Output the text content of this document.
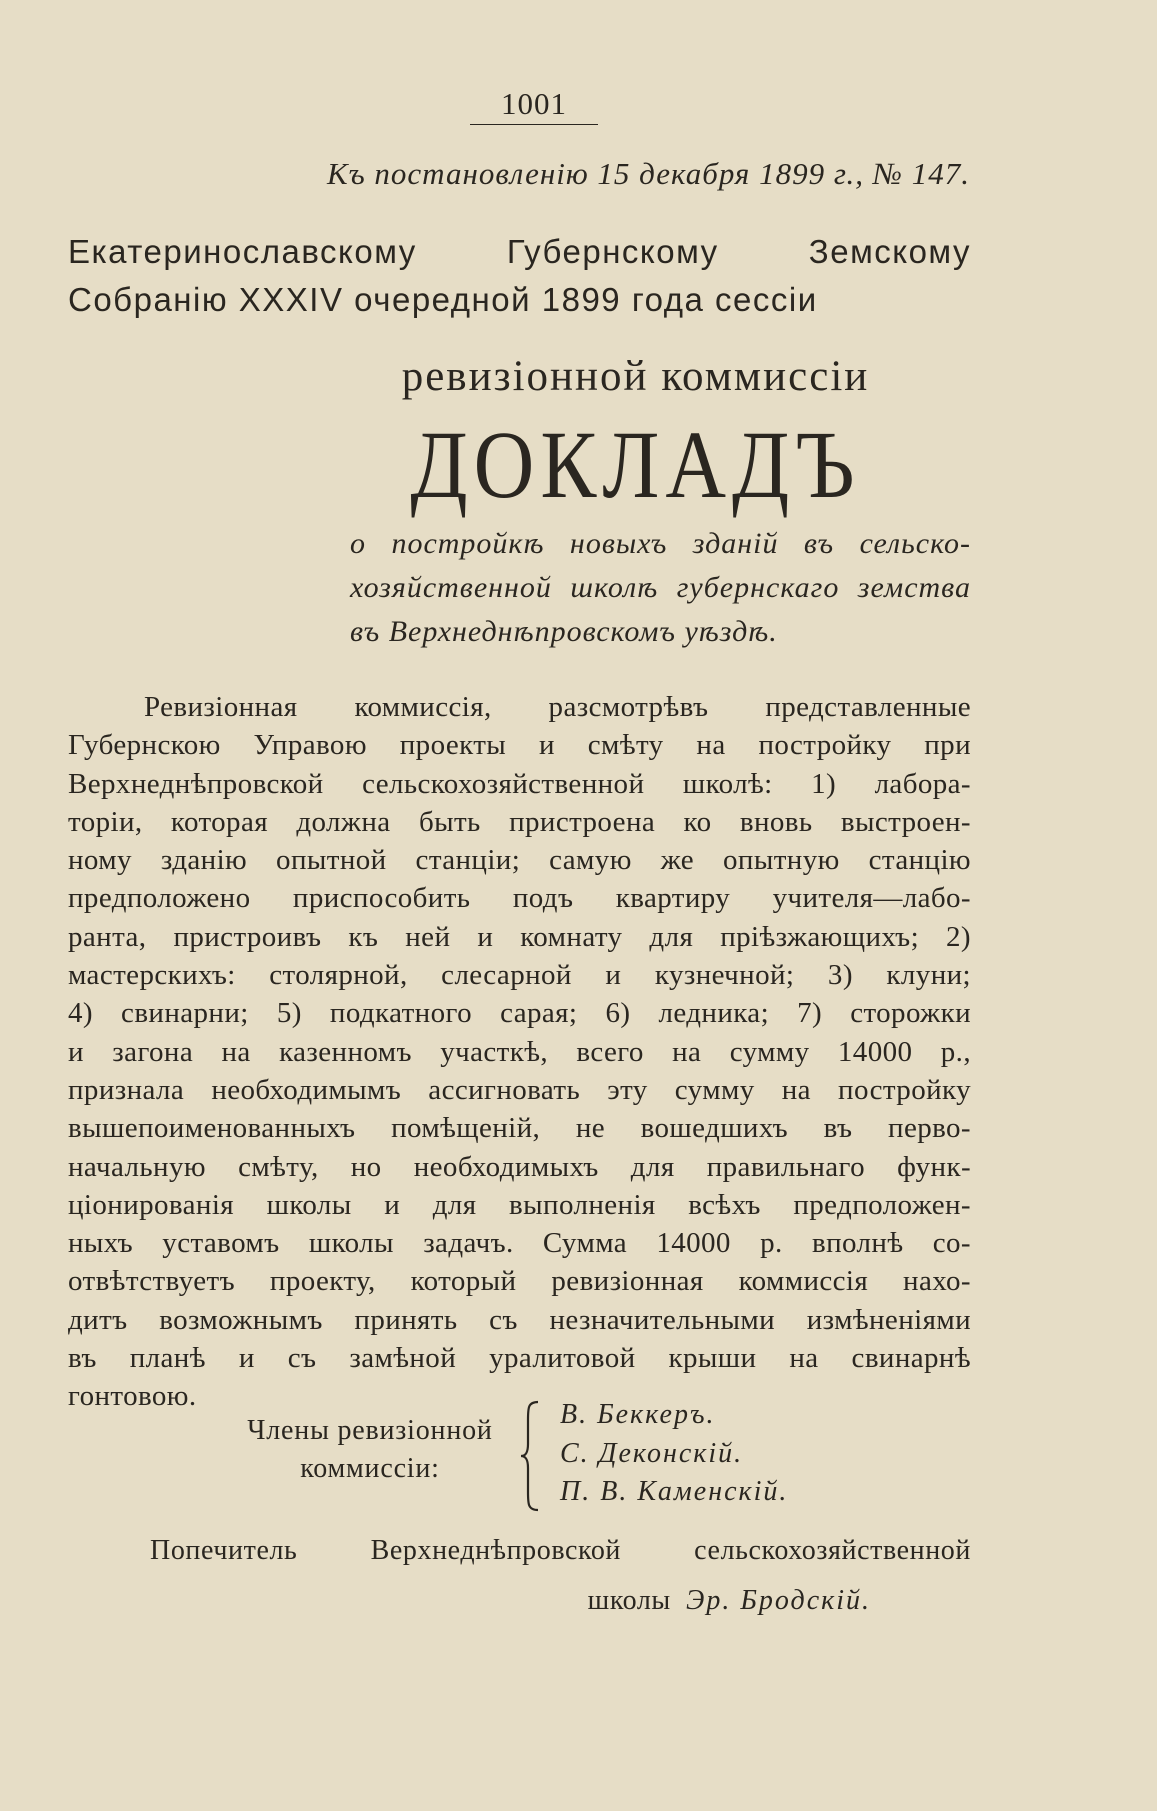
1001
Къ постановленію 15 декабря 1899 г., № 147.
Екатеринославскому Губернскому Земскому
Собранію XXXIV очередной 1899 года сессіи
ревизіонной коммиссіи
ДОКЛАДЪ
о постройкѣ новыхъ зданій въ сельско-
хозяйственной школѣ губернскаго земства
въ Верхнеднѣпровскомъ уѣздѣ.
Ревизіонная коммиссія, разсмотрѣвъ представленные
Губернскою Управою проекты и смѣту на постройку при
Верхнеднѣпровской сельскохозяйственной школѣ: 1) лабора-
торіи, которая должна быть пристроена ко вновь выстроен-
ному зданію опытной станціи; самую же опытную станцію
предположено приспособить подъ квартиру учителя—лабо-
ранта, пристроивъ къ ней и комнату для пріѣзжающихъ; 2)
мастерскихъ: столярной, слесарной и кузнечной; 3) клуни;
4) свинарни; 5) подкатного сарая; 6) ледника; 7) сторожки
и загона на казенномъ участкѣ, всего на сумму 14000 р.,
признала необходимымъ ассигновать эту сумму на постройку
вышепоименованныхъ помѣщеній, не вошедшихъ въ перво-
начальную смѣту, но необходимыхъ для правильнаго функ-
ціонированія школы и для выполненія всѣхъ предположен-
ныхъ уставомъ школы задачъ. Сумма 14000 р. вполнѣ со-
отвѣтствуетъ проекту, который ревизіонная коммиссія нахо-
дитъ возможнымъ принять съ незначительными измѣненіями
въ планѣ и съ замѣной уралитовой крыши на свинарнѣ
гонтовою.
Члены ревизіонной
коммиссіи:
В. Беккеръ.
С. Деконскій.
П. В. Каменскій.
Попечитель Верхнеднѣпровской сельскохозяйственной
школы Эр. Бродскій.
